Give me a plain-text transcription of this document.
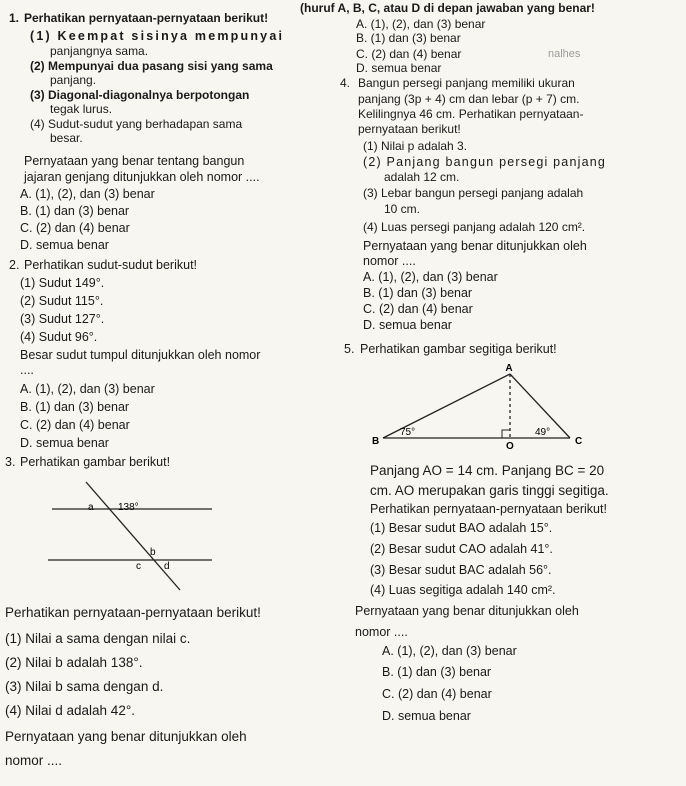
(huruf A, B, C, atau D di depan jawaban yang benar!
1. Perhatikan pernyataan-pernyataan berikut!
(1) Keempat sisinya mempunyai
panjangnya sama.
(2) Mempunyai dua pasang sisi yang sama
panjang.
(3) Diagonal-diagonalnya berpotongan
tegak lurus.
(4) Sudut-sudut yang berhadapan sama
besar.
Pernyataan yang benar tentang bangun
jajaran genjang ditunjukkan oleh nomor ....
A. (1), (2), dan (3) benar
B. (1) dan (3) benar
C. (2) dan (4) benar
D. semua benar
A. (1), (2), dan (3) benar
B. (1) dan (3) benar
C. (2) dan (4) benar
D. semua benar
nalhes
4. Bangun persegi panjang memiliki ukuran
panjang (3p + 4) cm dan lebar (p + 7) cm.
Kelilingnya 46 cm. Perhatikan pernyataan-
pernyataan berikut!
(1) Nilai p adalah 3.
(2) Panjang bangun persegi panjang
adalah 12 cm.
(3) Lebar bangun persegi panjang adalah
10 cm.
(4) Luas persegi panjang adalah 120 cm².
Pernyataan yang benar ditunjukkan oleh
nomor ....
A. (1), (2), dan (3) benar
B. (1) dan (3) benar
C. (2) dan (4) benar
D. semua benar
2. Perhatikan sudut-sudut berikut!
(1) Sudut 149°.
(2) Sudut 115°.
(3) Sudut 127°.
(4) Sudut 96°.
Besar sudut tumpul ditunjukkan oleh nomor
....
A. (1), (2), dan (3) benar
B. (1) dan (3) benar
C. (2) dan (4) benar
D. semua benar
5. Perhatikan gambar segitiga berikut!
A
B	O	C
75°	49°
Panjang AO = 14 cm. Panjang BC = 20
cm. AO merupakan garis tinggi segitiga.
Perhatikan pernyataan-pernyataan berikut!
(1) Besar sudut BAO adalah 15°.
(2) Besar sudut CAO adalah 41°.
(3) Besar sudut BAC adalah 56°.
(4) Luas segitiga adalah 140 cm².
Pernyataan yang benar ditunjukkan oleh
nomor ....
A. (1), (2), dan (3) benar
B. (1) dan (3) benar
C. (2) dan (4) benar
D. semua benar
3. Perhatikan gambar berikut!
a 138°
b
c d
Perhatikan pernyataan-pernyataan berikut!
(1) Nilai a sama dengan nilai c.
(2) Nilai b adalah 138°.
(3) Nilai b sama dengan d.
(4) Nilai d adalah 42°.
Pernyataan yang benar ditunjukkan oleh
nomor ....
